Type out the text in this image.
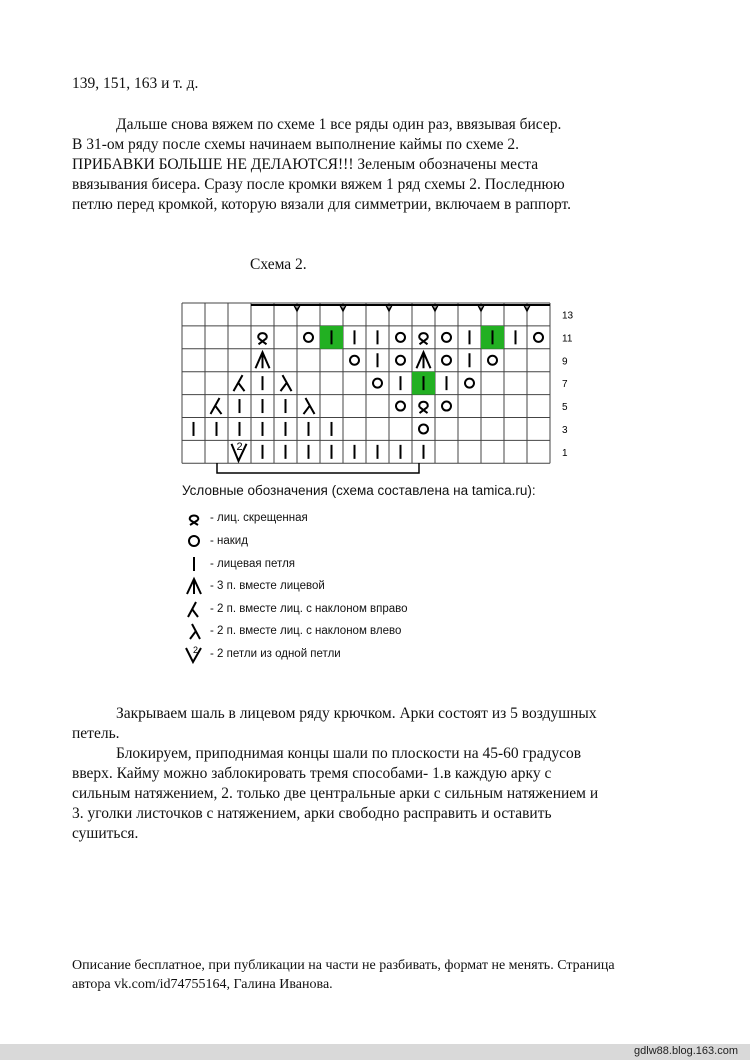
139, 151, 163 и т. д.

Дальше снова вяжем по схеме 1 все ряды один раз, ввязывая бисер.

В 31-ом ряду после схемы начинаем выполнение каймы по схеме 2.

ПРИБАВКИ БОЛЬШЕ НЕ ДЕЛАЮТСЯ!!! Зеленым обозначены места

ввязывания бисера. Сразу после кромки вяжем 1 ряд схемы 2. Последнюю

петлю перед кромкой, которую вязали для симметрии, включаем в раппорт.

Схема 2.
2
13
11
9
7
5
3
1
Условные обозначения (схема составлена на tamica.ru):
- лиц. скрещенная
- накид
- лицевая петля
- 3 п. вместе лицевой
- 2 п. вместе лиц. с наклоном вправо
- 2 п. вместе лиц. с наклоном влево
2 - 2 петли из одной петли

Закрываем шаль в лицевом ряду крючком. Арки состоят из 5 воздушных

петель.

Блокируем, приподнимая концы шали по плоскости на 45-60 градусов

вверх. Кайму можно заблокировать тремя способами- 1.в каждую арку с

сильным натяжением, 2. только две центральные арки с сильным натяжением и

3. уголки листочков с натяжением, арки свободно расправить и оставить

сушиться.

Описание бесплатное, при публикации на части не разбивать, формат не менять. Страница
автора vk.com/id74755164, Галина Иванова.
gdlw88.blog.163.com
